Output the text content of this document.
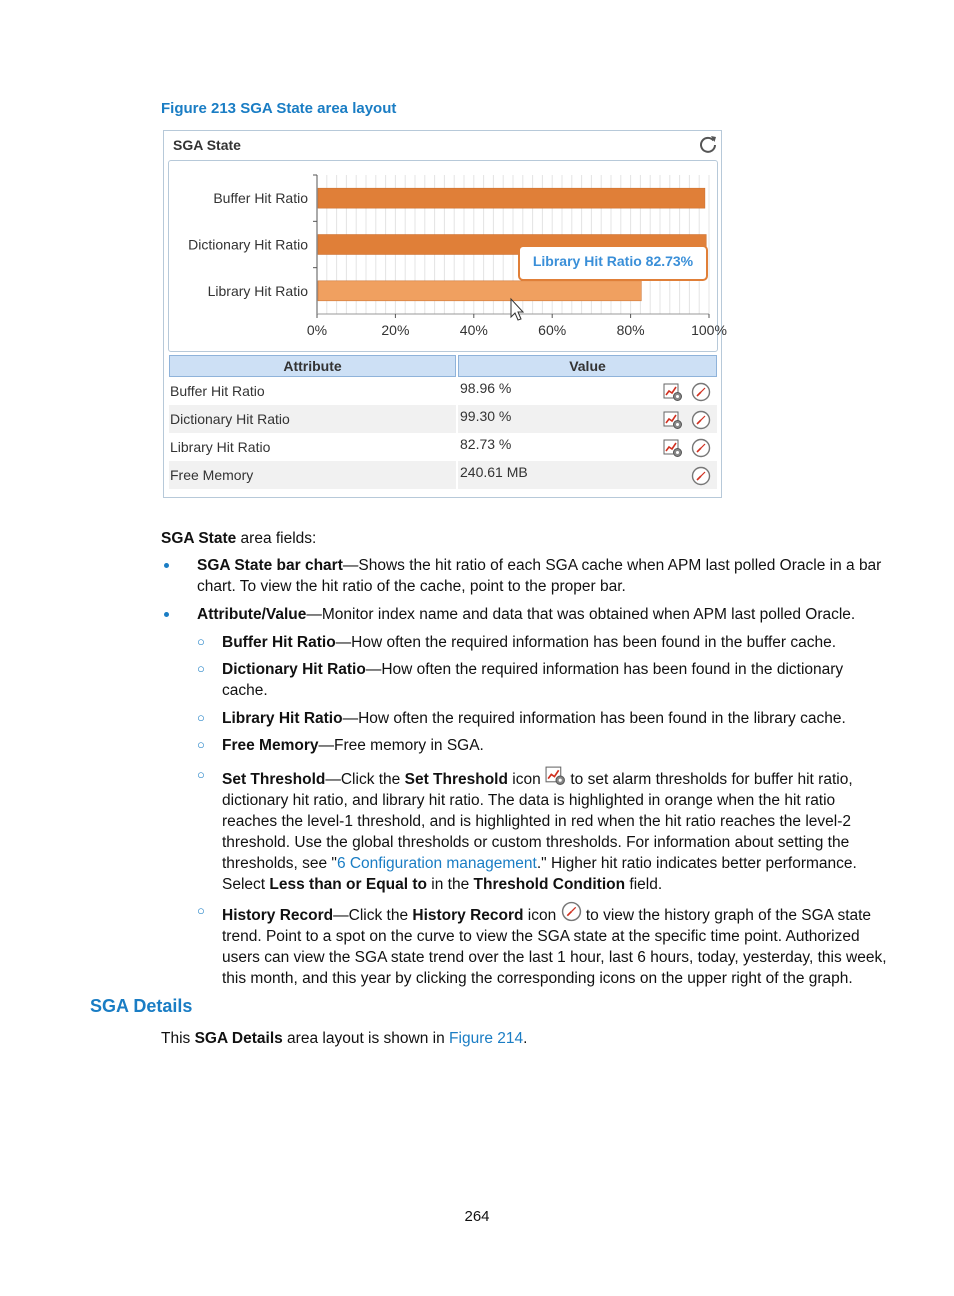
Figure 213 SGA State area layout
SGA State
Buffer Hit Ratio
Dictionary Hit Ratio
Library Hit Ratio
0%	20%	40%	60%	80%	100%
Library Hit Ratio 82.73%
Attribute	Value
Buffer Hit Ratio	98.96 %

Dictionary Hit Ratio	99.30 %

Library Hit Ratio	82.73 %

Free Memory	240.61 MB
SGA State area fields:
SGA State bar chart—Shows the hit ratio of each SGA cache when APM last polled Oracle in a bar
chart. To view the hit ratio of the cache, point to the proper bar.
Attribute/Value—Monitor index name and data that was obtained when APM last polled Oracle.
○ Buffer Hit Ratio—How often the required information has been found in the buffer cache.
○ Dictionary Hit Ratio—How often the required information has been found in the dictionary
cache.
○ Library Hit Ratio—How often the required information has been found in the library cache.
○ Free Memory—Free memory in SGA.
○ Set Threshold—Click the Set Threshold icon  to set alarm thresholds for buffer hit ratio,
dictionary hit ratio, and library hit ratio. The data is highlighted in orange when the hit ratio
reaches the level-1 threshold, and is highlighted in red when the hit ratio reaches the level-2
threshold. Use the global thresholds or custom thresholds. For information about setting the
thresholds, see "6 Configuration management." Higher hit ratio indicates better performance.
Select Less than or Equal to in the Threshold Condition field.
○ History Record—Click the History Record icon  to view the history graph of the SGA state
trend. Point to a spot on the curve to view the SGA state at the specific time point. Authorized
users can view the SGA state trend over the last 1 hour, last 6 hours, today, yesterday, this week,
this month, and this year by clicking the corresponding icons on the upper right of the graph.
SGA Details
This SGA Details area layout is shown in Figure 214.
264
